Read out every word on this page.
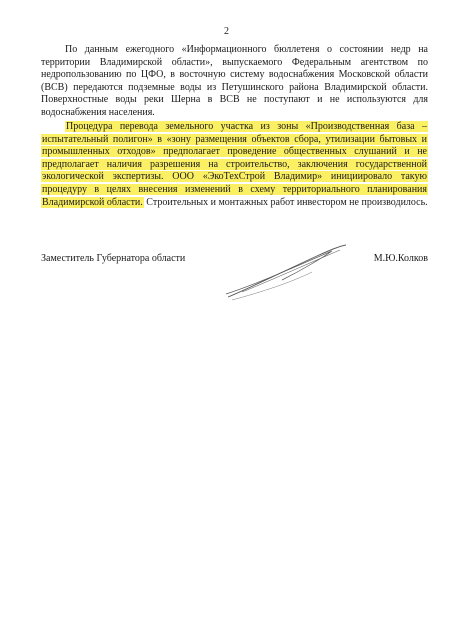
2

По данным ежегодного «Информационного бюллетеня о состоянии недр на территории Владимирской области», выпускаемого Федеральным агентством по недропользованию по ЦФО, в восточную систему водоснабжения Московской области (ВСВ) передаются подземные воды из Петушинского района Владимирской области. Поверхностные воды реки Шерна в ВСВ не поступают и не используются для водоснабжения населения.

Процедура перевода земельного участка из зоны «Производственная база – испытательный полигон» в «зону размещения объектов сбора, утилизации бытовых и промышленных отходов» предполагает проведение общественных слушаний и не предполагает наличия разрешения на строительство, заключения государственной экологической экспертизы. ООО «ЭкоТехСтрой Владимир» инициировало такую процедуру в целях внесения изменений в схему территориального планирования Владимирской области. Строительных и монтажных работ инвестором не производилось.

Заместитель Губернатора области	М.Ю.Колков
